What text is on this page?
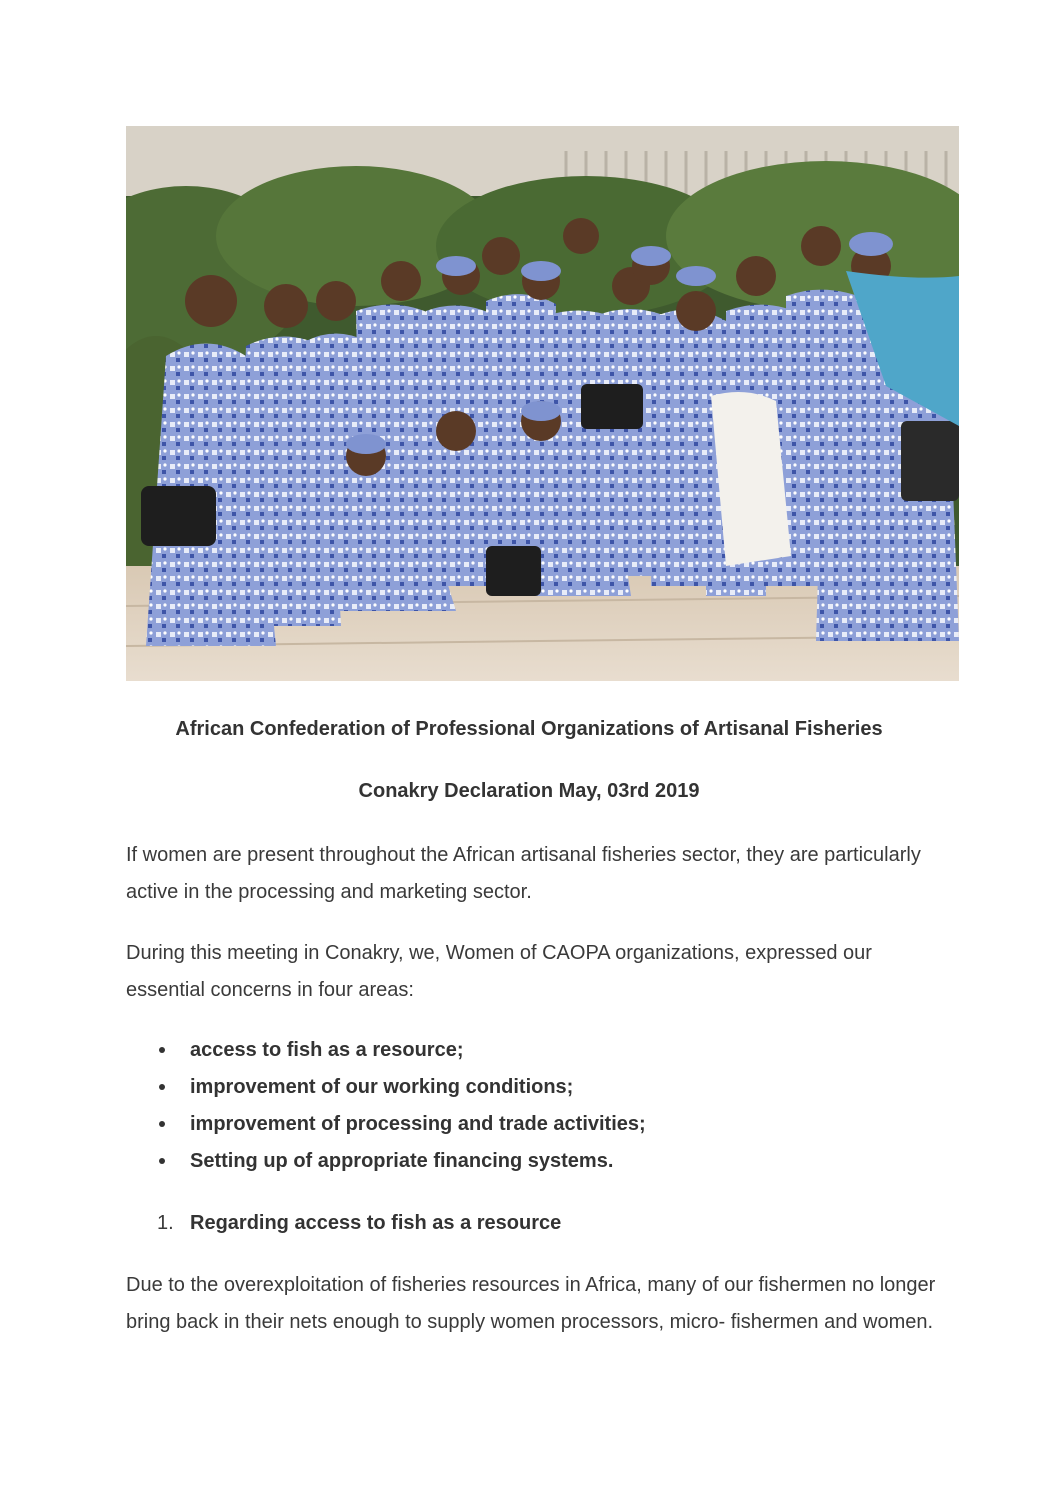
African Confederation of Professional Organizations of Artisanal Fisheries
Conakry Declaration May, 03rd 2019
If women are present throughout the African artisanal fisheries sector, they are particularly active in the processing and marketing sector.
During this meeting in Conakry, we, Women of CAOPA organizations, expressed our essential concerns in four areas:
access to fish as a resource;
improvement of our working conditions;
improvement of processing and trade activities;
Setting up of appropriate financing systems.
1. Regarding access to fish as a resource
Due to the overexploitation of fisheries resources in Africa, many of our fishermen no longer bring back in their nets enough to supply women processors, micro- fishermen and women.
